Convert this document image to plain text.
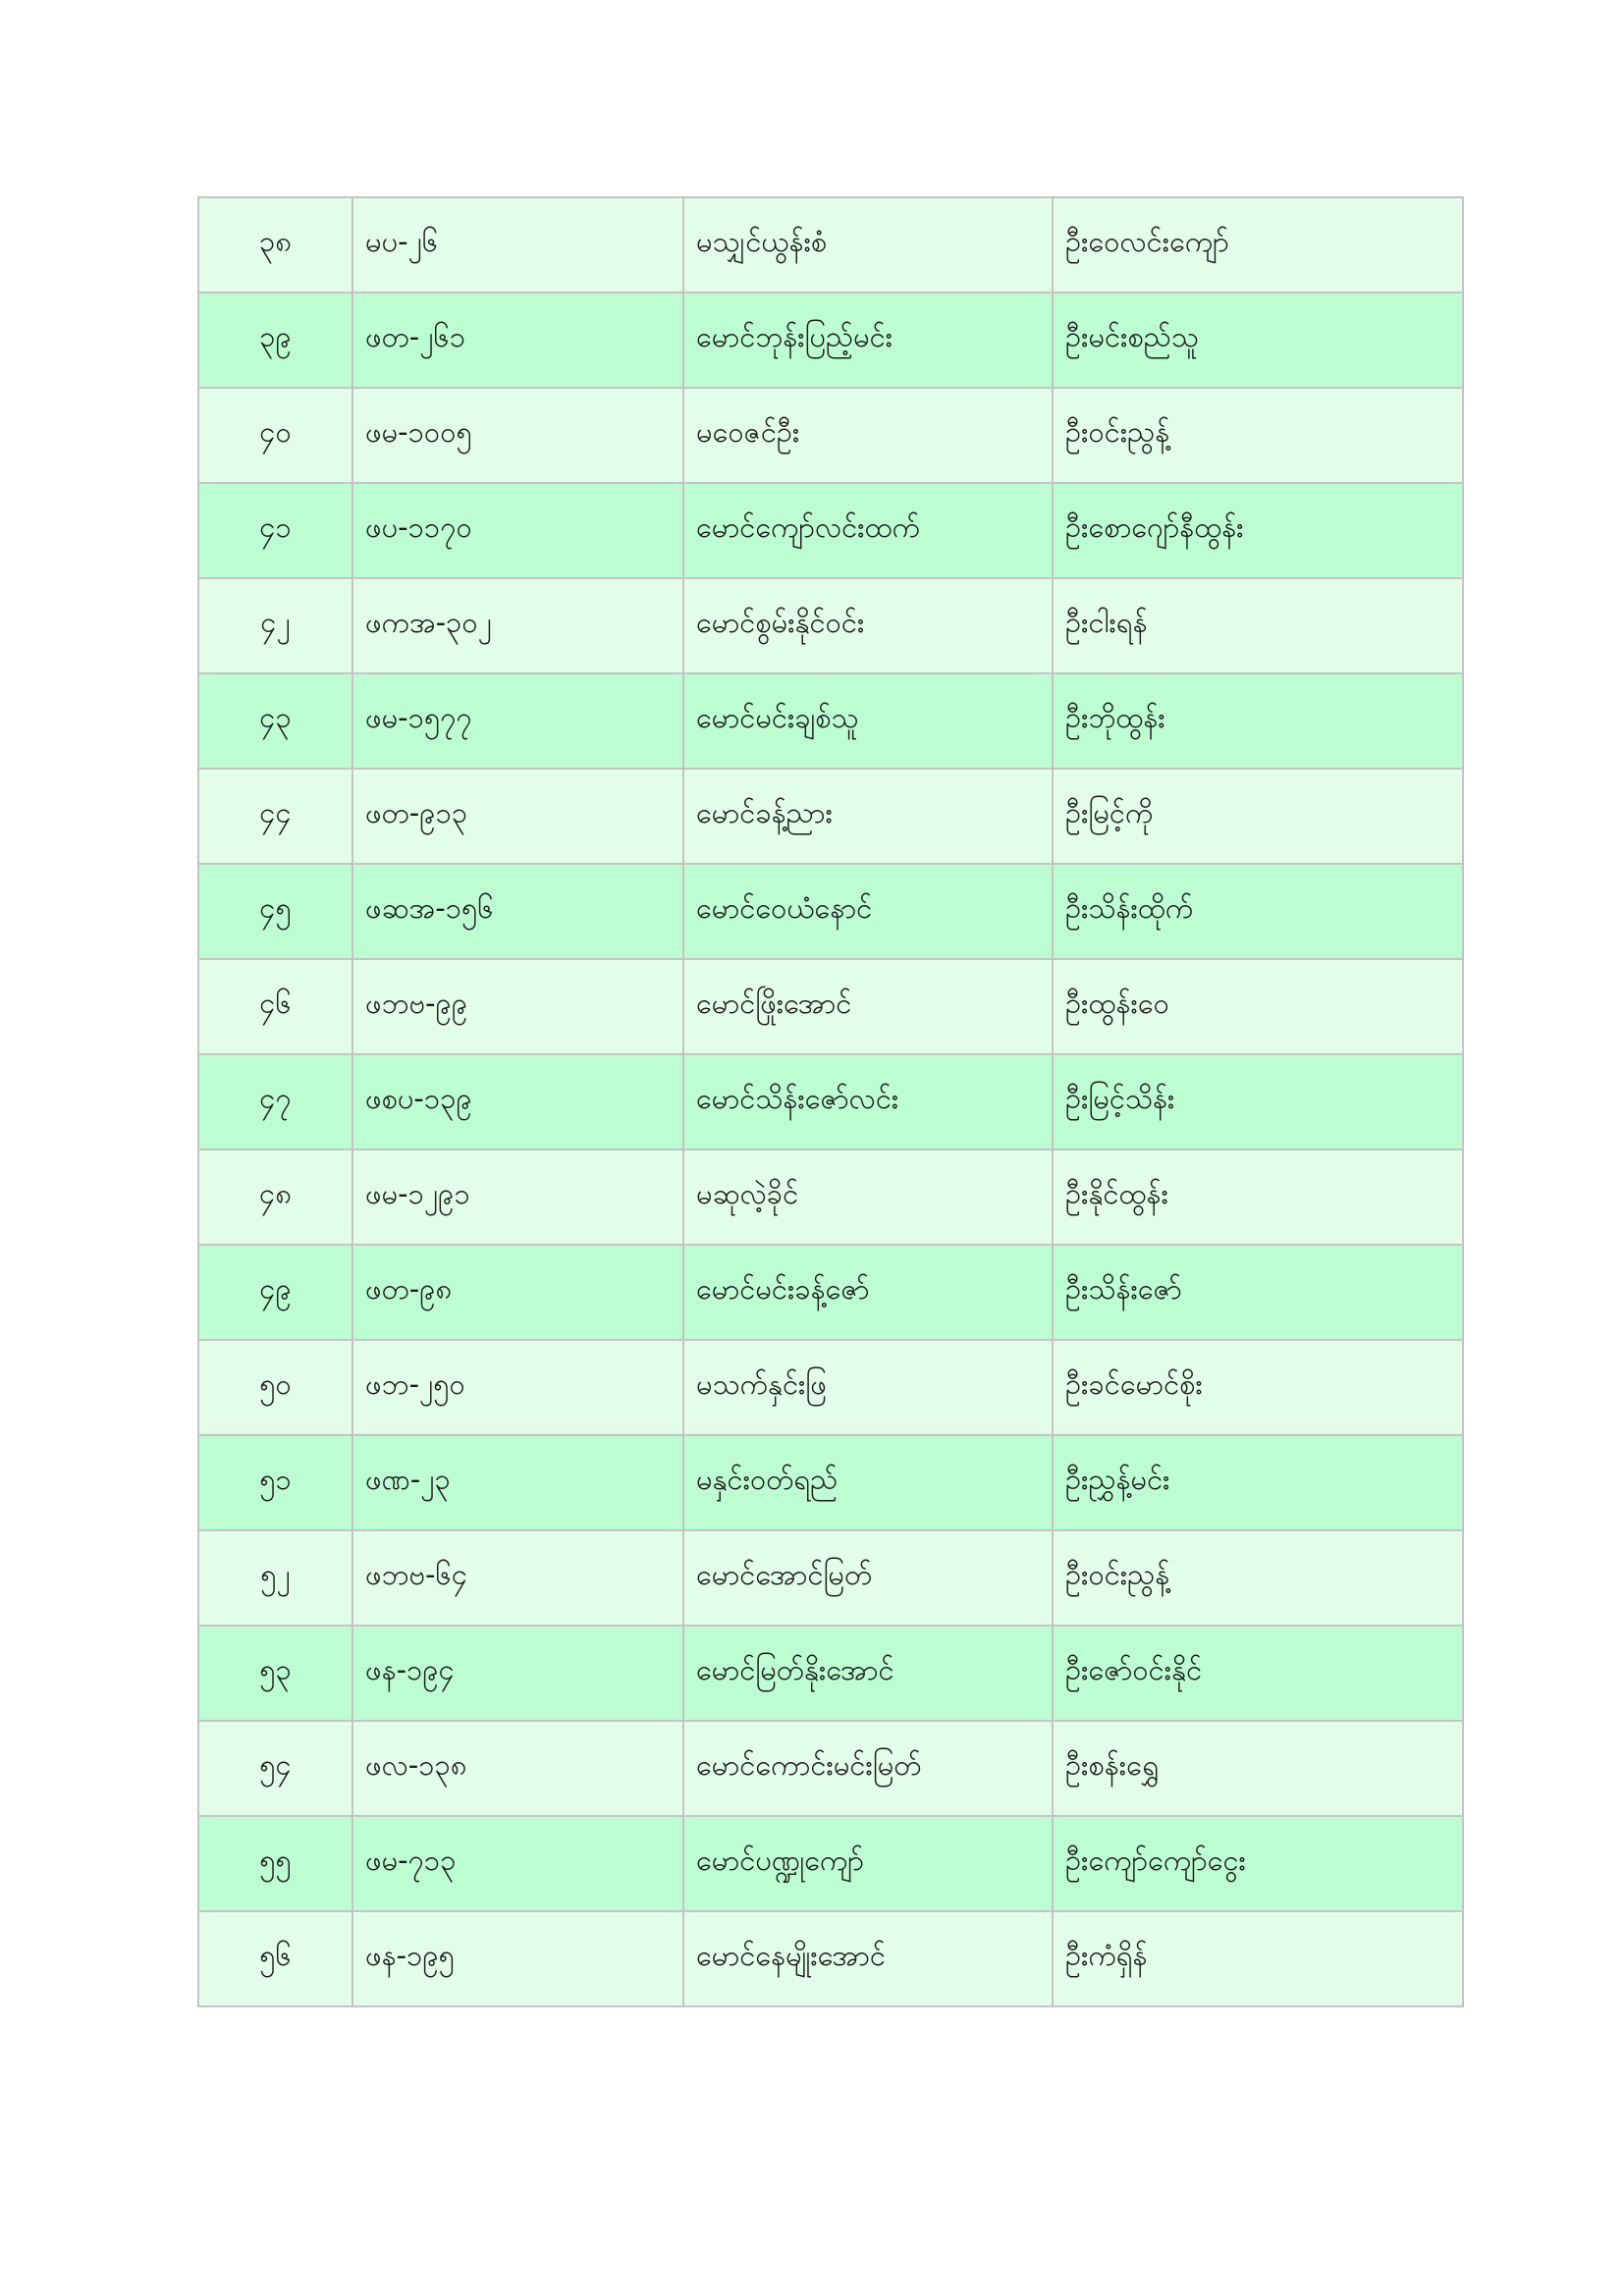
၃၈	မပ-၂၆	မသျှင်ယွန်းစံ	ဦးဝေလင်းကျော်
၃၉	ဖတ-၂၆၁	မောင်ဘုန်းပြည့်မင်း	ဦးမင်းစည်သူ
၄၀	ဖမ-၁၀၀၅	မဝေဇင်ဦး	ဦးဝင်းညွန့်
၄၁	ဖပ-၁၁၇၀	မောင်ကျော်လင်းထက်	ဦးစောဂျော်နီထွန်း
၄၂	ဖကအ-၃၀၂	မောင်စွမ်းနိုင်ဝင်း	ဦးငါးရန်
၄၃	ဖမ-၁၅၇၇	မောင်မင်းချစ်သူ	ဦးဘိုထွန်း
၄၄	ဖတ-၉၁၃	မောင်ခန့်ညား	ဦးမြင့်ကို
၄၅	ဖဆအ-၁၅၆	မောင်ဝေယံနောင်	ဦးသိန်းထိုက်
၄၆	ဖဘဗ-၉၉	မောင်ဖြိုးအောင်	ဦးထွန်းဝေ
၄၇	ဖစပ-၁၃၉	မောင်သိန်းဇော်လင်း	ဦးမြင့်သိန်း
၄၈	ဖမ-၁၂၉၁	မဆုလဲ့ခိုင်	ဦးနိုင်ထွန်း
၄၉	ဖတ-၉၈	မောင်မင်းခန့်ဇော်	ဦးသိန်းဇော်
၅၀	ဖဘ-၂၅၀	မသက်နှင်းဖြ	ဦးခင်မောင်စိုး
၅၁	ဖဏ-၂၃	မနှင်းဝတ်ရည်	ဦးညွှန့်မင်း
၅၂	ဖဘဗ-၆၄	မောင်အောင်မြတ်	ဦးဝင်းညွန့်
၅၃	ဖန-၁၉၄	မောင်မြတ်နိုးအောင်	ဦးဇော်ဝင်းနိုင်
၅၄	ဖလ-၁၃၈	မောင်ကောင်းမင်းမြတ်	ဦးစန်းရွှေ
၅၅	ဖမ-၇၁၃	မောင်ပဏ္ဍုကျော်	ဦးကျော်ကျော်ငွေး
၅၆	ဖန-၁၉၅	မောင်နေမျိုးအောင်	ဦးကံရှိန်
